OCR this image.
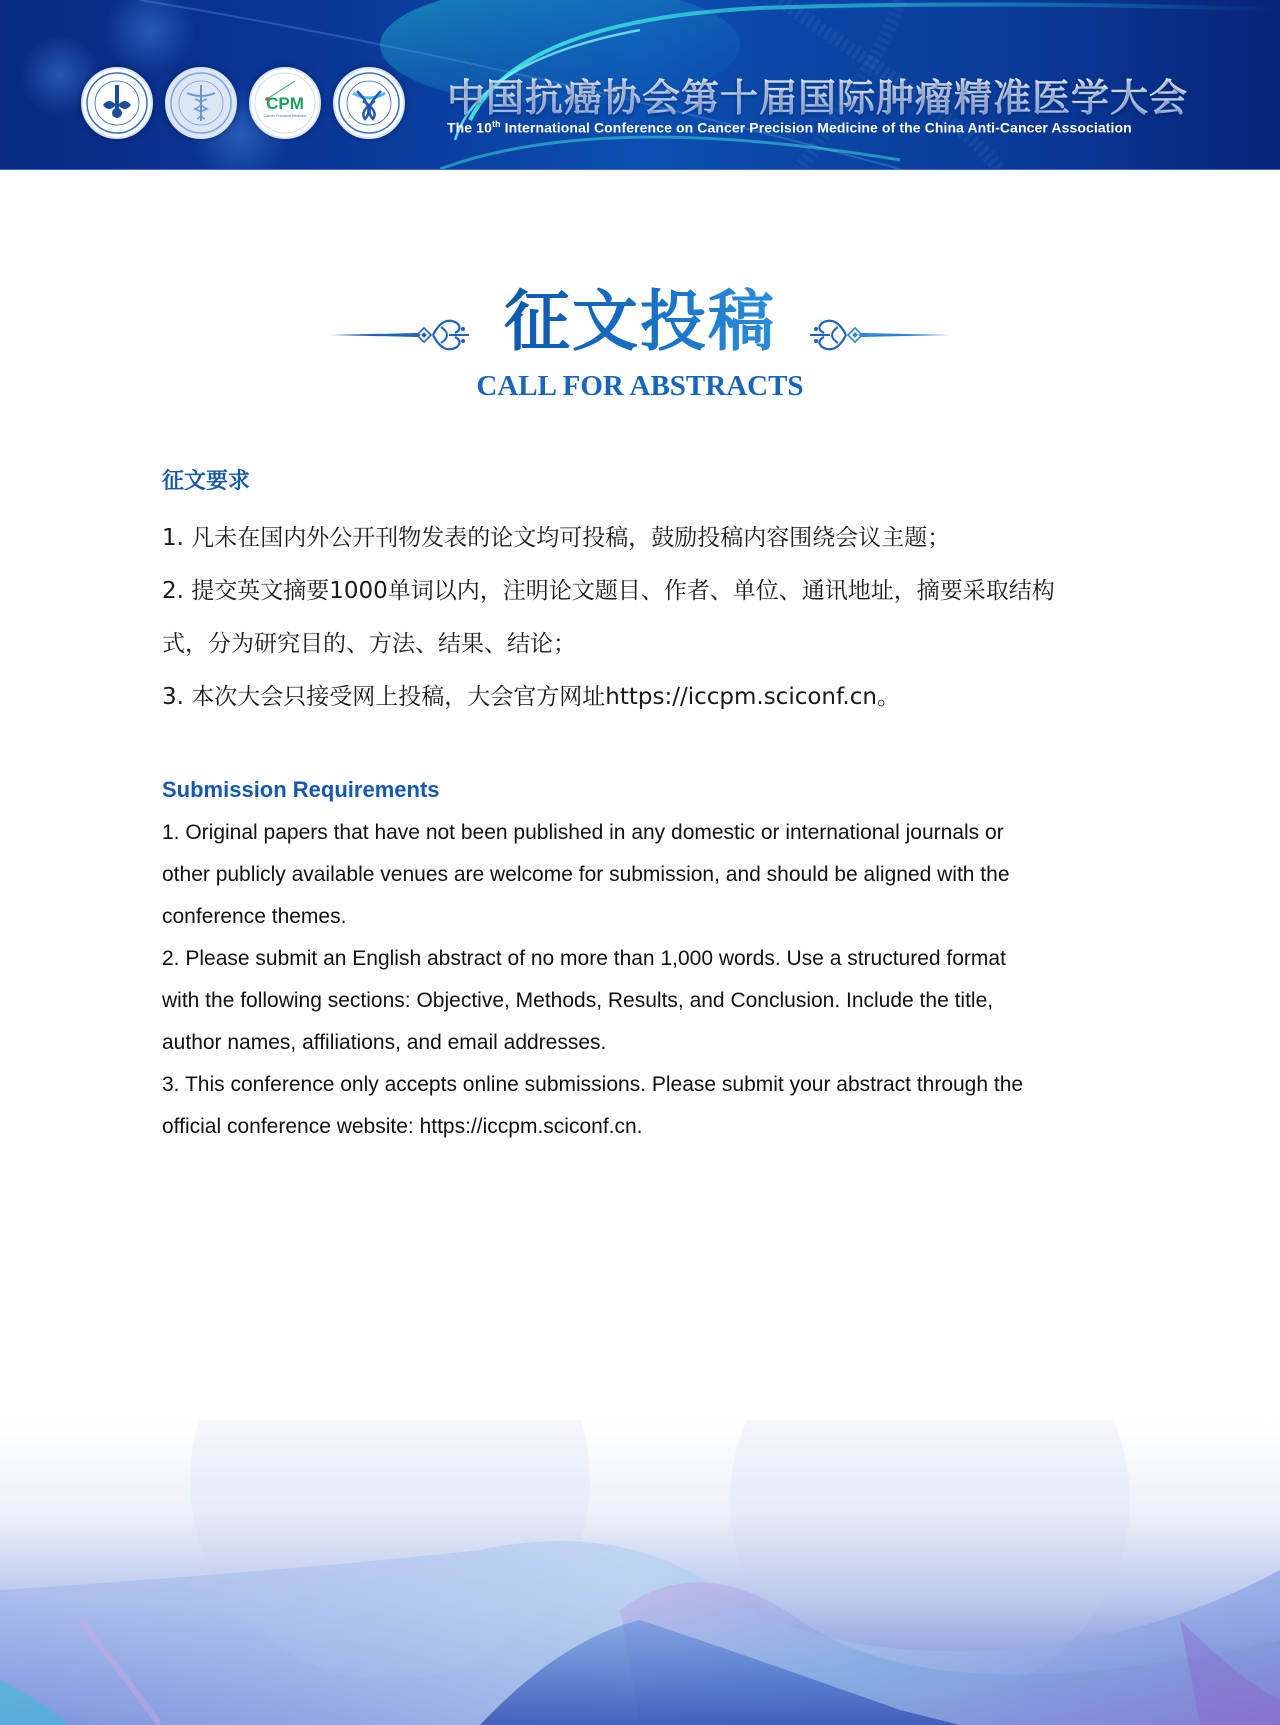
CPM
Cancer Precision Medicine	中国抗癌协会第十届国际肿瘤精准医学大会
The 10th International Conference on Cancer Precision Medicine of the China Anti-Cancer Association
征文投稿
CALL FOR ABSTRACTS
征文要求

1. 凡未在国内外公开刊物发表的论文均可投稿，鼓励投稿内容围绕会议主题；

2. 提交英文摘要1000单词以内，注明论文题目、作者、单位、通讯地址，摘要采取结构

式，分为研究目的、方法、结果、结论；

3. 本次大会只接受网上投稿，大会官方网址https://iccpm.sciconf.cn。

Submission Requirements

1. Original papers that have not been published in any domestic or international journals or

other publicly available venues are welcome for submission, and should be aligned with the

conference themes.

2. Please submit an English abstract of no more than 1,000 words. Use a structured format

with the following sections: Objective, Methods, Results, and Conclusion. Include the title,

author names, affiliations, and email addresses.

3. This conference only accepts online submissions. Please submit your abstract through the

official conference website: https://iccpm.sciconf.cn.
